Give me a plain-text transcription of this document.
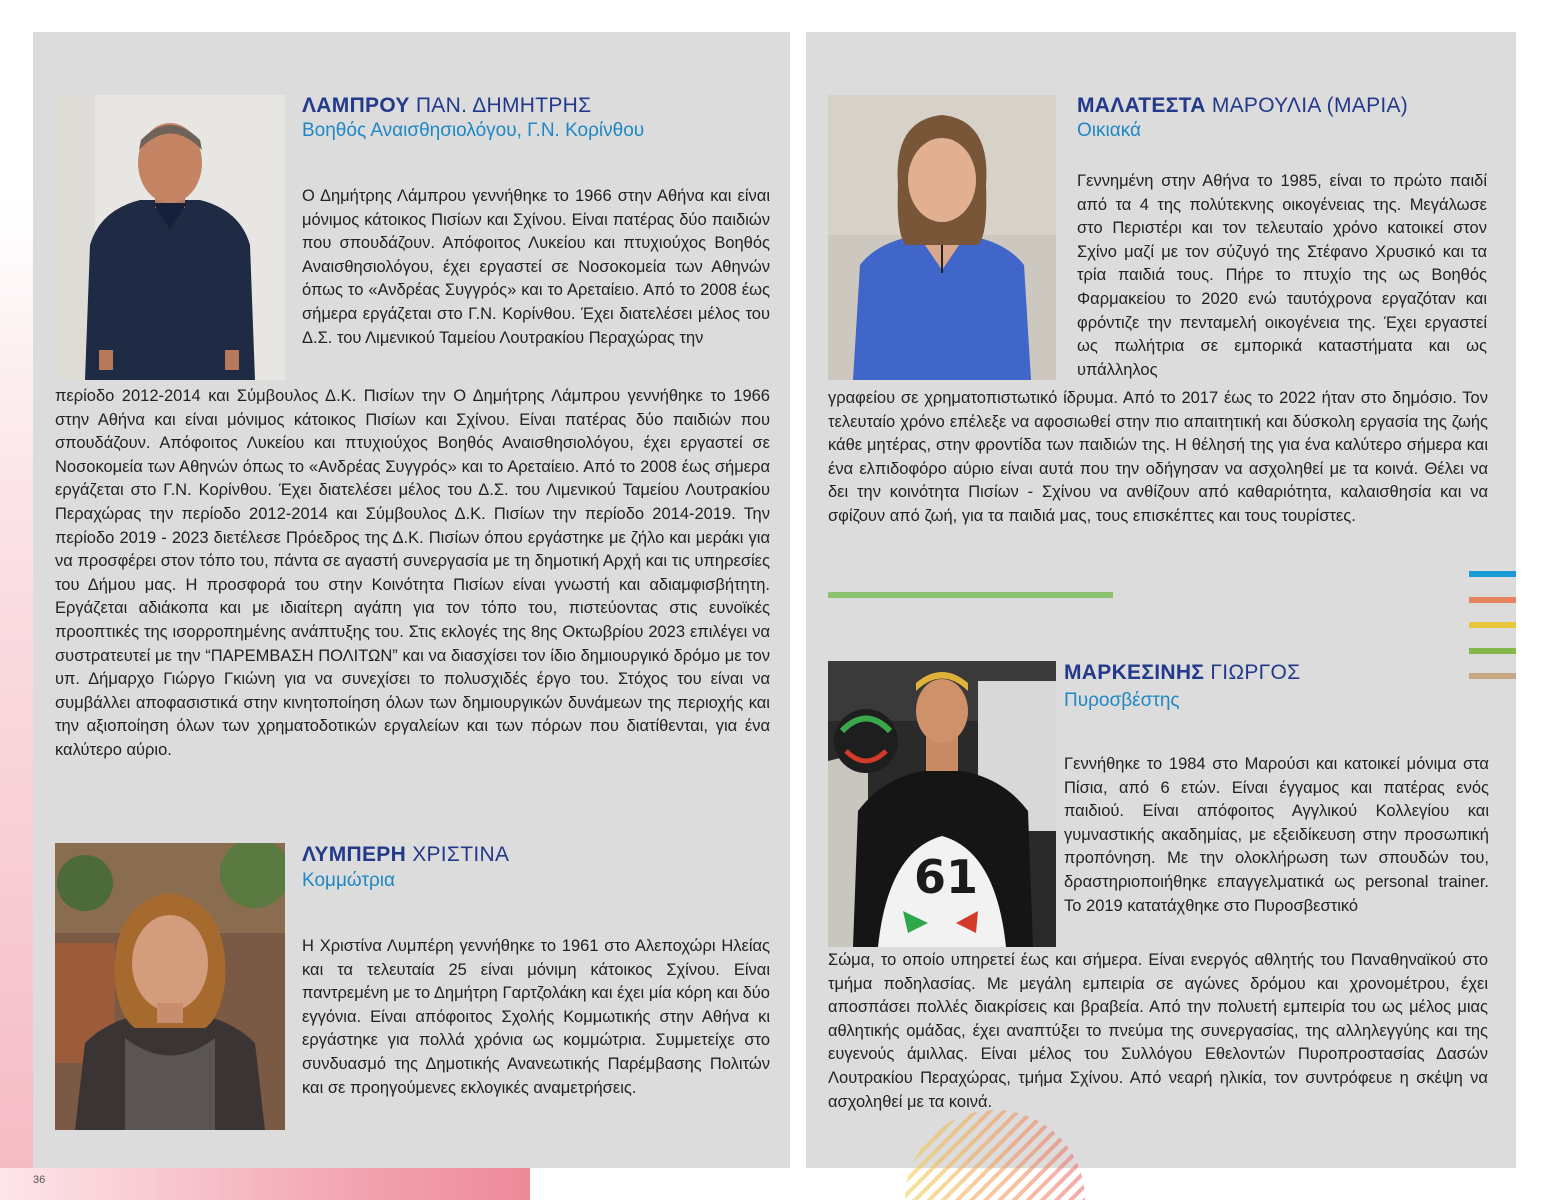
36
ΛΑΜΠΡΟΥ ΠΑΝ. ΔΗΜΗΤΡΗΣ
Βοηθός Αναισθησιολόγου, Γ.Ν. Κορίνθου
Ο Δημήτρης Λάμπρου γεννήθηκε το 1966 στην Αθήνα και είναι μόνιμος κάτοικος Πισίων και Σχίνου. Είναι πατέρας δύο παιδιών που σπουδάζουν. Απόφοιτος Λυκείου και πτυχιούχος Βοηθός Αναισθησιολόγου, έχει εργαστεί σε Νοσοκομεία των Αθηνών όπως το «Ανδρέας Συγγρός» και το Αρεταίειο. Από το 2008 έως σήμερα εργάζεται στο Γ.Ν. Κορίνθου. Έχει διατελέσει μέλος του Δ.Σ. του Λιμενικού Ταμείου Λουτρακίου Περαχώρας την
περίοδο 2012-2014 και Σύμβουλος Δ.Κ. Πισίων την Ο Δημήτρης Λάμπρου γεννήθηκε το 1966 στην Αθήνα και είναι μόνιμος κάτοικος Πισίων και Σχίνου. Είναι πατέρας δύο παιδιών που σπουδάζουν. Απόφοιτος Λυκείου και πτυχιούχος Βοηθός Αναισθησιολόγου, έχει εργαστεί σε Νοσοκομεία των Αθηνών όπως το «Ανδρέας Συγγρός» και το Αρεταίειο. Από το 2008 έως σήμερα εργάζεται στο Γ.Ν. Κορίνθου. Έχει διατελέσει μέλος του Δ.Σ. του Λιμενικού Ταμείου Λουτρακίου Περαχώρας την περίοδο 2012-2014 και Σύμβουλος Δ.Κ. Πισίων την περίοδο 2014-2019. Την περίοδο 2019 - 2023 διετέλεσε Πρόεδρος της Δ.Κ. Πισίων όπου εργάστηκε με ζήλο και μεράκι για να προσφέρει στον τόπο του, πάντα σε αγαστή συνεργασία με τη δημοτική Αρχή και τις υπηρεσίες του Δήμου μας. Η προσφορά του στην Κοινότητα Πισίων είναι γνωστή και αδιαμφισβήτητη. Εργάζεται αδιάκοπα και με ιδιαίτερη αγάπη για τον τόπο του, πιστεύοντας στις ευνοϊκές προοπτικές της ισορροπημένης ανάπτυξης του. Στις εκλογές της 8ης Οκτωβρίου 2023 επιλέγει να συστρατευτεί με την “ΠΑΡΕΜΒΑΣΗ ΠΟΛΙΤΩΝ” και να διασχίσει τον ίδιο δημιουργικό δρόμο με τον υπ. Δήμαρχο Γιώργο Γκιώνη για να συνεχίσει το πολυσχιδές έργο του. Στόχος του είναι να συμβάλλει αποφασιστικά στην κινητοποίηση όλων των δημιουργικών δυνάμεων της περιοχής και την αξιοποίηση όλων των χρηματοδοτικών εργαλείων και των πόρων που διατίθενται, για ένα καλύτερο αύριο.
ΛΥΜΠΕΡΗ ΧΡΙΣΤΙΝΑ
Κομμώτρια
Η Χριστίνα Λυμπέρη γεννήθηκε το 1961 στο Αλεποχώρι Ηλείας και τα τελευταία 25 είναι μόνιμη κάτοικος Σχίνου. Είναι παντρεμένη με το Δημήτρη Γαρτζολάκη και έχει μία κόρη και δύο εγγόνια. Είναι απόφοιτος Σχολής Κομμωτικής στην Αθήνα κι εργάστηκε για πολλά χρόνια ως κομμώτρια. Συμμετείχε στο συνδυασμό της Δημοτικής Ανανεωτικής Παρέμβασης Πολιτών και σε προηγούμενες εκλογικές αναμετρήσεις.
ΜΑΛΑΤΕΣΤΑ ΜΑΡΟΥΛΙΑ (ΜΑΡΙΑ)
Οικιακά
Γεννημένη στην Αθήνα το 1985, είναι το πρώτο παιδί από τα 4 της πολύτεκνης οικογένειας της. Μεγάλωσε στο Περιστέρι και τον τελευταίο χρόνο κατοικεί στον Σχίνο μαζί με τον σύζυγό της Στέφανο Χρυσικό και τα τρία παιδιά τους. Πήρε το πτυχίο της ως Βοηθός Φαρμακείου το 2020 ενώ ταυτόχρονα εργαζόταν και φρόντιζε την πενταμελή οικογένεια της. Έχει εργαστεί ως πωλήτρια σε εμπορικά καταστήματα και ως υπάλληλος
γραφείου σε χρηματοπιστωτικό ίδρυμα. Από το 2017 έως το 2022 ήταν στο δημόσιο. Τον τελευταίο χρόνο επέλεξε να αφοσιωθεί στην πιο απαιτητική και δύσκολη εργασία της ζωής κάθε μητέρας, στην φροντίδα των παιδιών της. Η θέλησή της για ένα καλύτερο σήμερα και ένα ελπιδοφόρο αύριο είναι αυτά που την οδήγησαν να ασχοληθεί με τα κοινά. Θέλει να δει την κοινότητα Πισίων - Σχίνου να ανθίζουν από καθαριότητα, καλαισθησία και να σφίζουν από ζωή, για τα παιδιά μας, τους επισκέπτες και τους τουρίστες.
61
ΜΑΡΚΕΣΙΝΗΣ ΓΙΩΡΓΟΣ
Πυροσβέστης
Γεννήθηκε το 1984 στο Μαρούσι και κατοικεί μόνιμα στα Πίσια, από 6 ετών. Είναι έγγαμος και πατέρας ενός παιδιού. Είναι απόφοιτος Αγγλικού Κολλεγίου και γυμναστικής ακαδημίας, με εξειδίκευση στην προσωπική προπόνηση. Με την ολοκλήρωση των σπουδών του, δραστηριοποιήθηκε επαγγελματικά ως personal trainer. Το 2019 κατατάχθηκε στο Πυροσβεστικό
Σώμα, το οποίο υπηρετεί έως και σήμερα. Είναι ενεργός αθλητής του Παναθηναϊκού στο τμήμα ποδηλασίας. Με μεγάλη εμπειρία σε αγώνες δρόμου και χρονομέτρου, έχει αποσπάσει πολλές διακρίσεις και βραβεία. Από την πολυετή εμπειρία του ως μέλος μιας αθλητικής ομάδας, έχει αναπτύξει το πνεύμα της συνεργασίας, της αλληλεγγύης και της ευγενούς άμιλλας. Είναι μέλος του Συλλόγου Εθελοντών Πυροπροστασίας Δασών Λουτρακίου Περαχώρας, τμήμα Σχίνου. Από νεαρή ηλικία, τον συντρόφευε η σκέψη να ασχοληθεί με τα κοινά.
